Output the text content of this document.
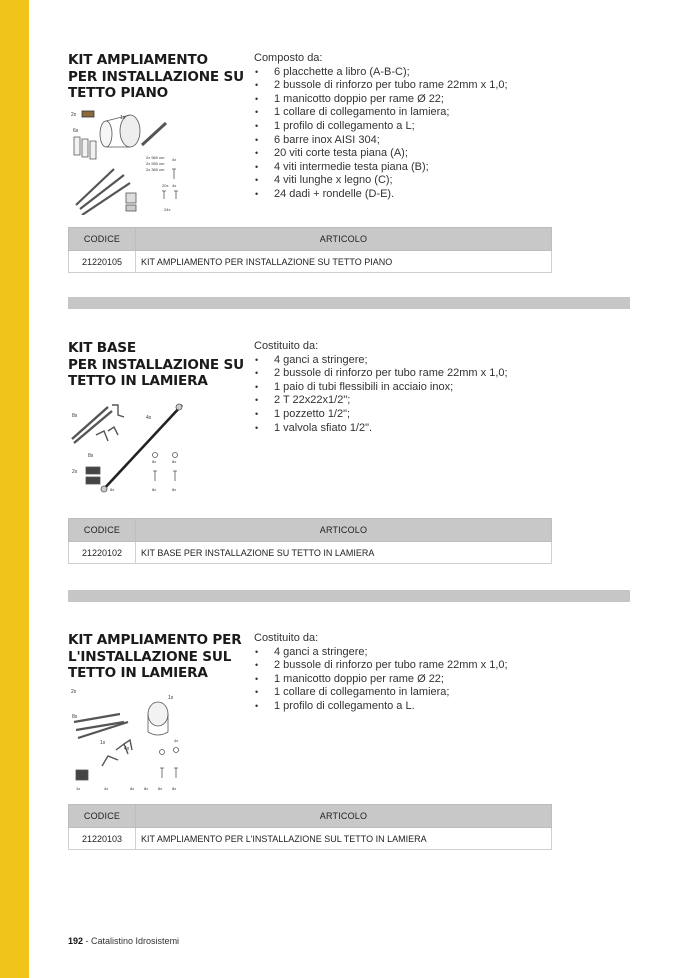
KIT AMPLIAMENTO
PER INSTALLAZIONE SU
TETTO PIANO
Composto da:
• 6 placchette a libro (A-B-C);
• 2 bussole di rinforzo per tubo rame 22mm x 1,0;
• 1 manicotto doppio per rame Ø 22;
• 1 collare di collegamento in lamiera;
• 1 profilo di collegamento a L;
• 6 barre inox AISI 304;
• 20 viti corte testa piana (A);
• 4 viti intermedie testa piana (B);
• 4 viti lunghe x legno (C);
• 24 dadi + rondelle (D-E).
2x	1x
6x
2x 960 cm
2x 950 cm
2x 360 cm
4x
20x 4x
24x
CODICE	ARTICOLO
21220105	KIT AMPLIAMENTO PER INSTALLAZIONE SU TETTO PIANO
KIT BASE
PER INSTALLAZIONE SU
TETTO IN LAMIERA
Costituito da:
• 4 ganci a stringere;
• 2 bussole di rinforzo per tubo rame 22mm x 1,0;
• 1 paio di tubi flessibili in acciaio inox;
• 2 T 22x22x1/2";
• 1 pozzetto 1/2";
• 1 valvola sfiato 1/2".
8x	4x
8x
2x
8x	8x
8x	8x
8x
CODICE	ARTICOLO
21220102	KIT BASE PER INSTALLAZIONE SU TETTO IN LAMIERA
KIT AMPLIAMENTO PER
L'INSTALLAZIONE SUL
TETTO IN LAMIERA
Costituito da:
• 4 ganci a stringere;
• 2 bussole di rinforzo per tubo rame 22mm x 1,0;
• 1 manicotto doppio per rame Ø 22;
• 1 collare di collegamento in lamiera;
• 1 profilo di collegamento a L.
2x
1x
8x
1x
4x
1x	4x
4x
8x 8x
8x
8x
CODICE	ARTICOLO
21220103	KIT AMPLIAMENTO PER L'INSTALLAZIONE SUL TETTO IN LAMIERA
192 - Catalistino Idrosistemi
